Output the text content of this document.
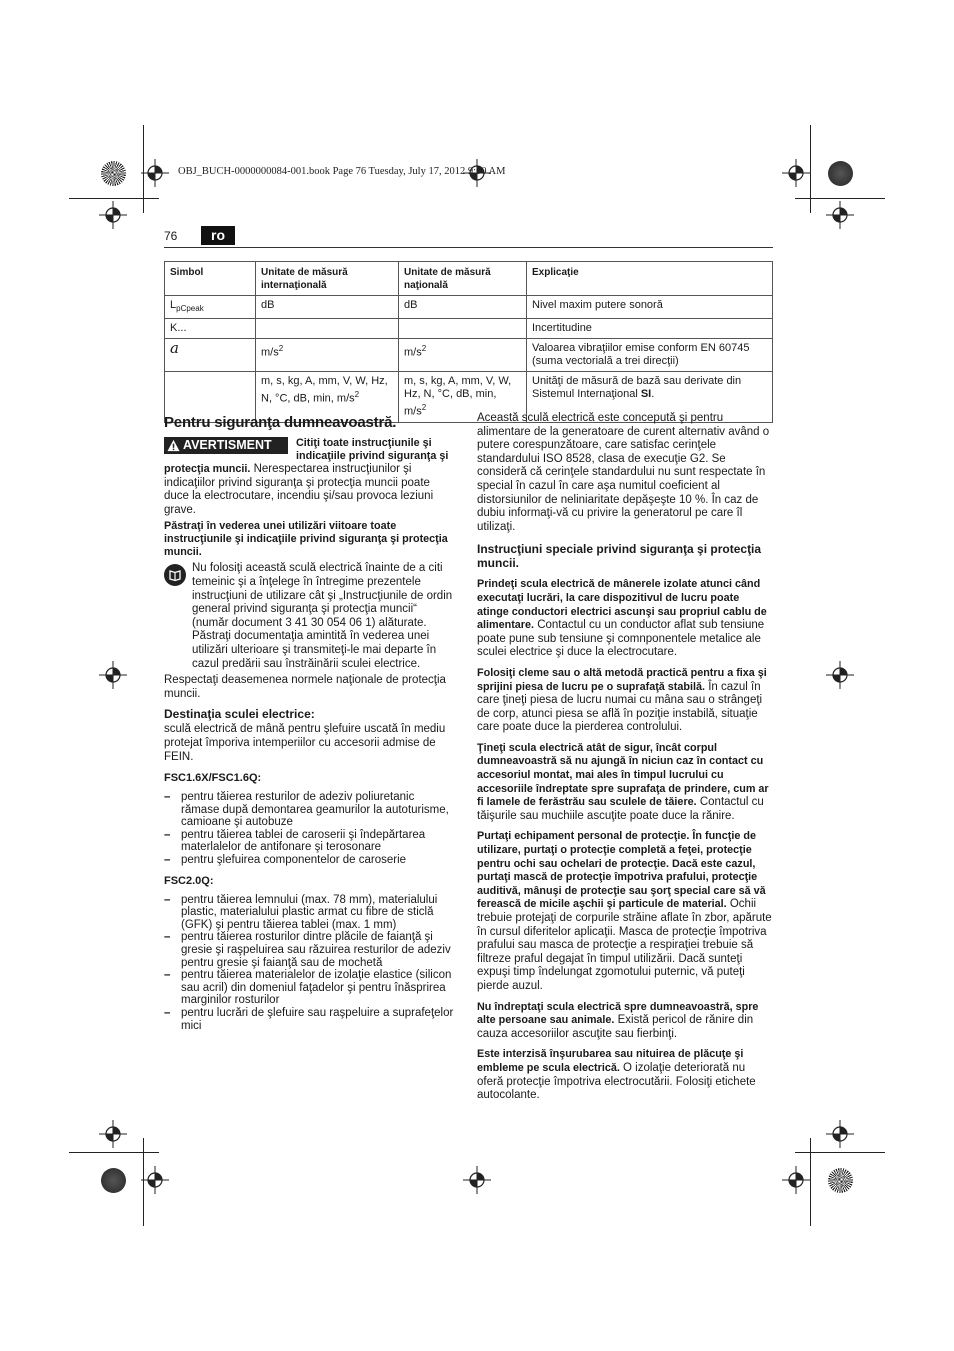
OBJ_BUCH-0000000084-001.book Page 76 Tuesday, July 17, 2012 9:00 AM
76	ro
Simbol	Unitate de măsură internaţională	Unitate de măsură naţională	Explicaţie
$L_{pCpeak}$	dB	dB	Nivel maxim putere sonoră
K...			Incertitudine
a	$m/s^2$	$m/s^2$	Valoarea vibraţiilor emise conform EN 60745 (suma vectorială a trei direcţii)
	m, s, kg, A, mm, V, W, Hz, N, °C, dB, min, $m/s^2$	m, s, kg, A, mm, V, W, Hz, N, °C, dB, min, $m/s^2$	Unităţi de măsură de bază sau derivate din Sistemul Internaţional SI.
Pentru siguranţa dumneavoastră.
AVERTISMENT Citiţi toate instrucţiunile şi indicaţiile privind siguranţa şi

protecţia muncii. Nerespectarea instrucţiunilor şi indicaţiilor privind siguranţa şi protecţia muncii poate duce la electrocutare, incendiu şi/sau provoca leziuni grave.

Păstraţi în vederea unei utilizări viitoare toate instrucţiunile şi indicaţiile privind siguranţa şi protecţia muncii.

Nu folosiţi această sculă electrică înainte de a citi temeinic şi a înţelege în întregime prezentele instrucţiuni de utilizare cât şi „Instrucţiunile de ordin general privind siguranţa şi protecţia muncii“ (număr document 3 41 30 054 06 1) alăturate. Păstraţi documentaţia amintită în vederea unei utilizări ulterioare şi transmiteţi-le mai departe în cazul predării sau înstrăinării sculei electrice.

Respectaţi deasemenea normele naţionale de protecţia muncii.

Destinaţia sculei electrice:

sculă electrică de mână pentru şlefuire uscată în mediu protejat împoriva intemperiilor cu accesorii admise de FEIN.

FSC1.6X/FSC1.6Q:
– pentru tăierea resturilor de adeziv poliuretanic rămase după demontarea geamurilor la autoturisme, camioane şi autobuze
– pentru tăierea tablei de caroserii şi îndepărtarea materlalelor de antifonare şi terosonare
– pentru şlefuirea componentelor de caroserie
FSC2.0Q:
– pentru tăierea lemnului (max. 78 mm), materialului plastic, materialului plastic armat cu fibre de sticlă (GFK) şi pentru tăierea tablei (max. 1 mm)
– pentru tăierea rosturilor dintre plăcile de faianţă şi gresie şi raşpeluirea sau răzuirea resturilor de adeziv pentru gresie şi faianţă sau de mochetă
– pentru tăierea materialelor de izolaţie elastice (silicon sau acril) din domeniul faţadelor şi pentru înăsprirea marginilor rosturilor
– pentru lucrări de şlefuire sau raşpeluire a suprafeţelor mici

Această sculă electrică este concepută şi pentru alimentare de la generatoare de curent alternativ având o putere corespunzătoare, care satisfac cerinţele standardului ISO 8528, clasa de execuţie G2. Se consideră că cerinţele standardului nu sunt respectate în special în cazul în care aşa numitul coeficient al distorsiunilor de neliniaritate depăşeşte 10 %. În caz de dubiu informaţi-vă cu privire la generatorul pe care îl utilizaţi.

Instrucţiuni speciale privind siguranţa şi protecţia muncii.

Prindeţi scula electrică de mânerele izolate atunci când executaţi lucrări, la care dispozitivul de lucru poate atinge conductori electrici ascunşi sau propriul cablu de alimentare. Contactul cu un conductor aflat sub tensiune poate pune sub tensiune şi comnponentele metalice ale sculei electrice şi duce la electrocutare.

Folosiţi cleme sau o altă metodă practică pentru a fixa şi sprijini piesa de lucru pe o suprafaţă stabilă. În cazul în care ţineţi piesa de lucru numai cu mâna sau o strângeţi de corp, atunci piesa se află în poziţie instabilă, situaţie care poate duce la pierderea controlului.

Ţineţi scula electrică atât de sigur, încât corpul dumneavoastră să nu ajungă în niciun caz în contact cu accesoriul montat, mai ales în timpul lucrului cu accesoriile îndreptate spre suprafaţa de prindere, cum ar fi lamele de ferăstrău sau sculele de tăiere. Contactul cu tăişurile sau muchiile ascuţite poate duce la rănire.

Purtaţi echipament personal de protecţie. În funcţie de utilizare, purtaţi o protecţie completă a feţei, protecţie pentru ochi sau ochelari de protecţie. Dacă este cazul, purtaţi mască de protecţie împotriva prafului, protecţie auditivă, mânuşi de protecţie sau şorţ special care să vă ferească de micile aşchii şi particule de material. Ochii trebuie protejaţi de corpurile străine aflate în zbor, apărute în cursul diferitelor aplicaţii. Masca de protecţie împotriva prafului sau masca de protecţie a respiraţiei trebuie să filtreze praful degajat în timpul utilizării. Dacă sunteţi expuşi timp îndelungat zgomotului puternic, vă puteţi pierde auzul.

Nu îndreptaţi scula electrică spre dumneavoastră, spre alte persoane sau animale. Există pericol de rănire din cauza accesoriilor ascuţite sau fierbinţi.

Este interzisă înşurubarea sau nituirea de plăcuţe şi embleme pe scula electrică. O izolaţie deteriorată nu oferă protecţie împotriva electrocutării. Folosiţi etichete autocolante.
